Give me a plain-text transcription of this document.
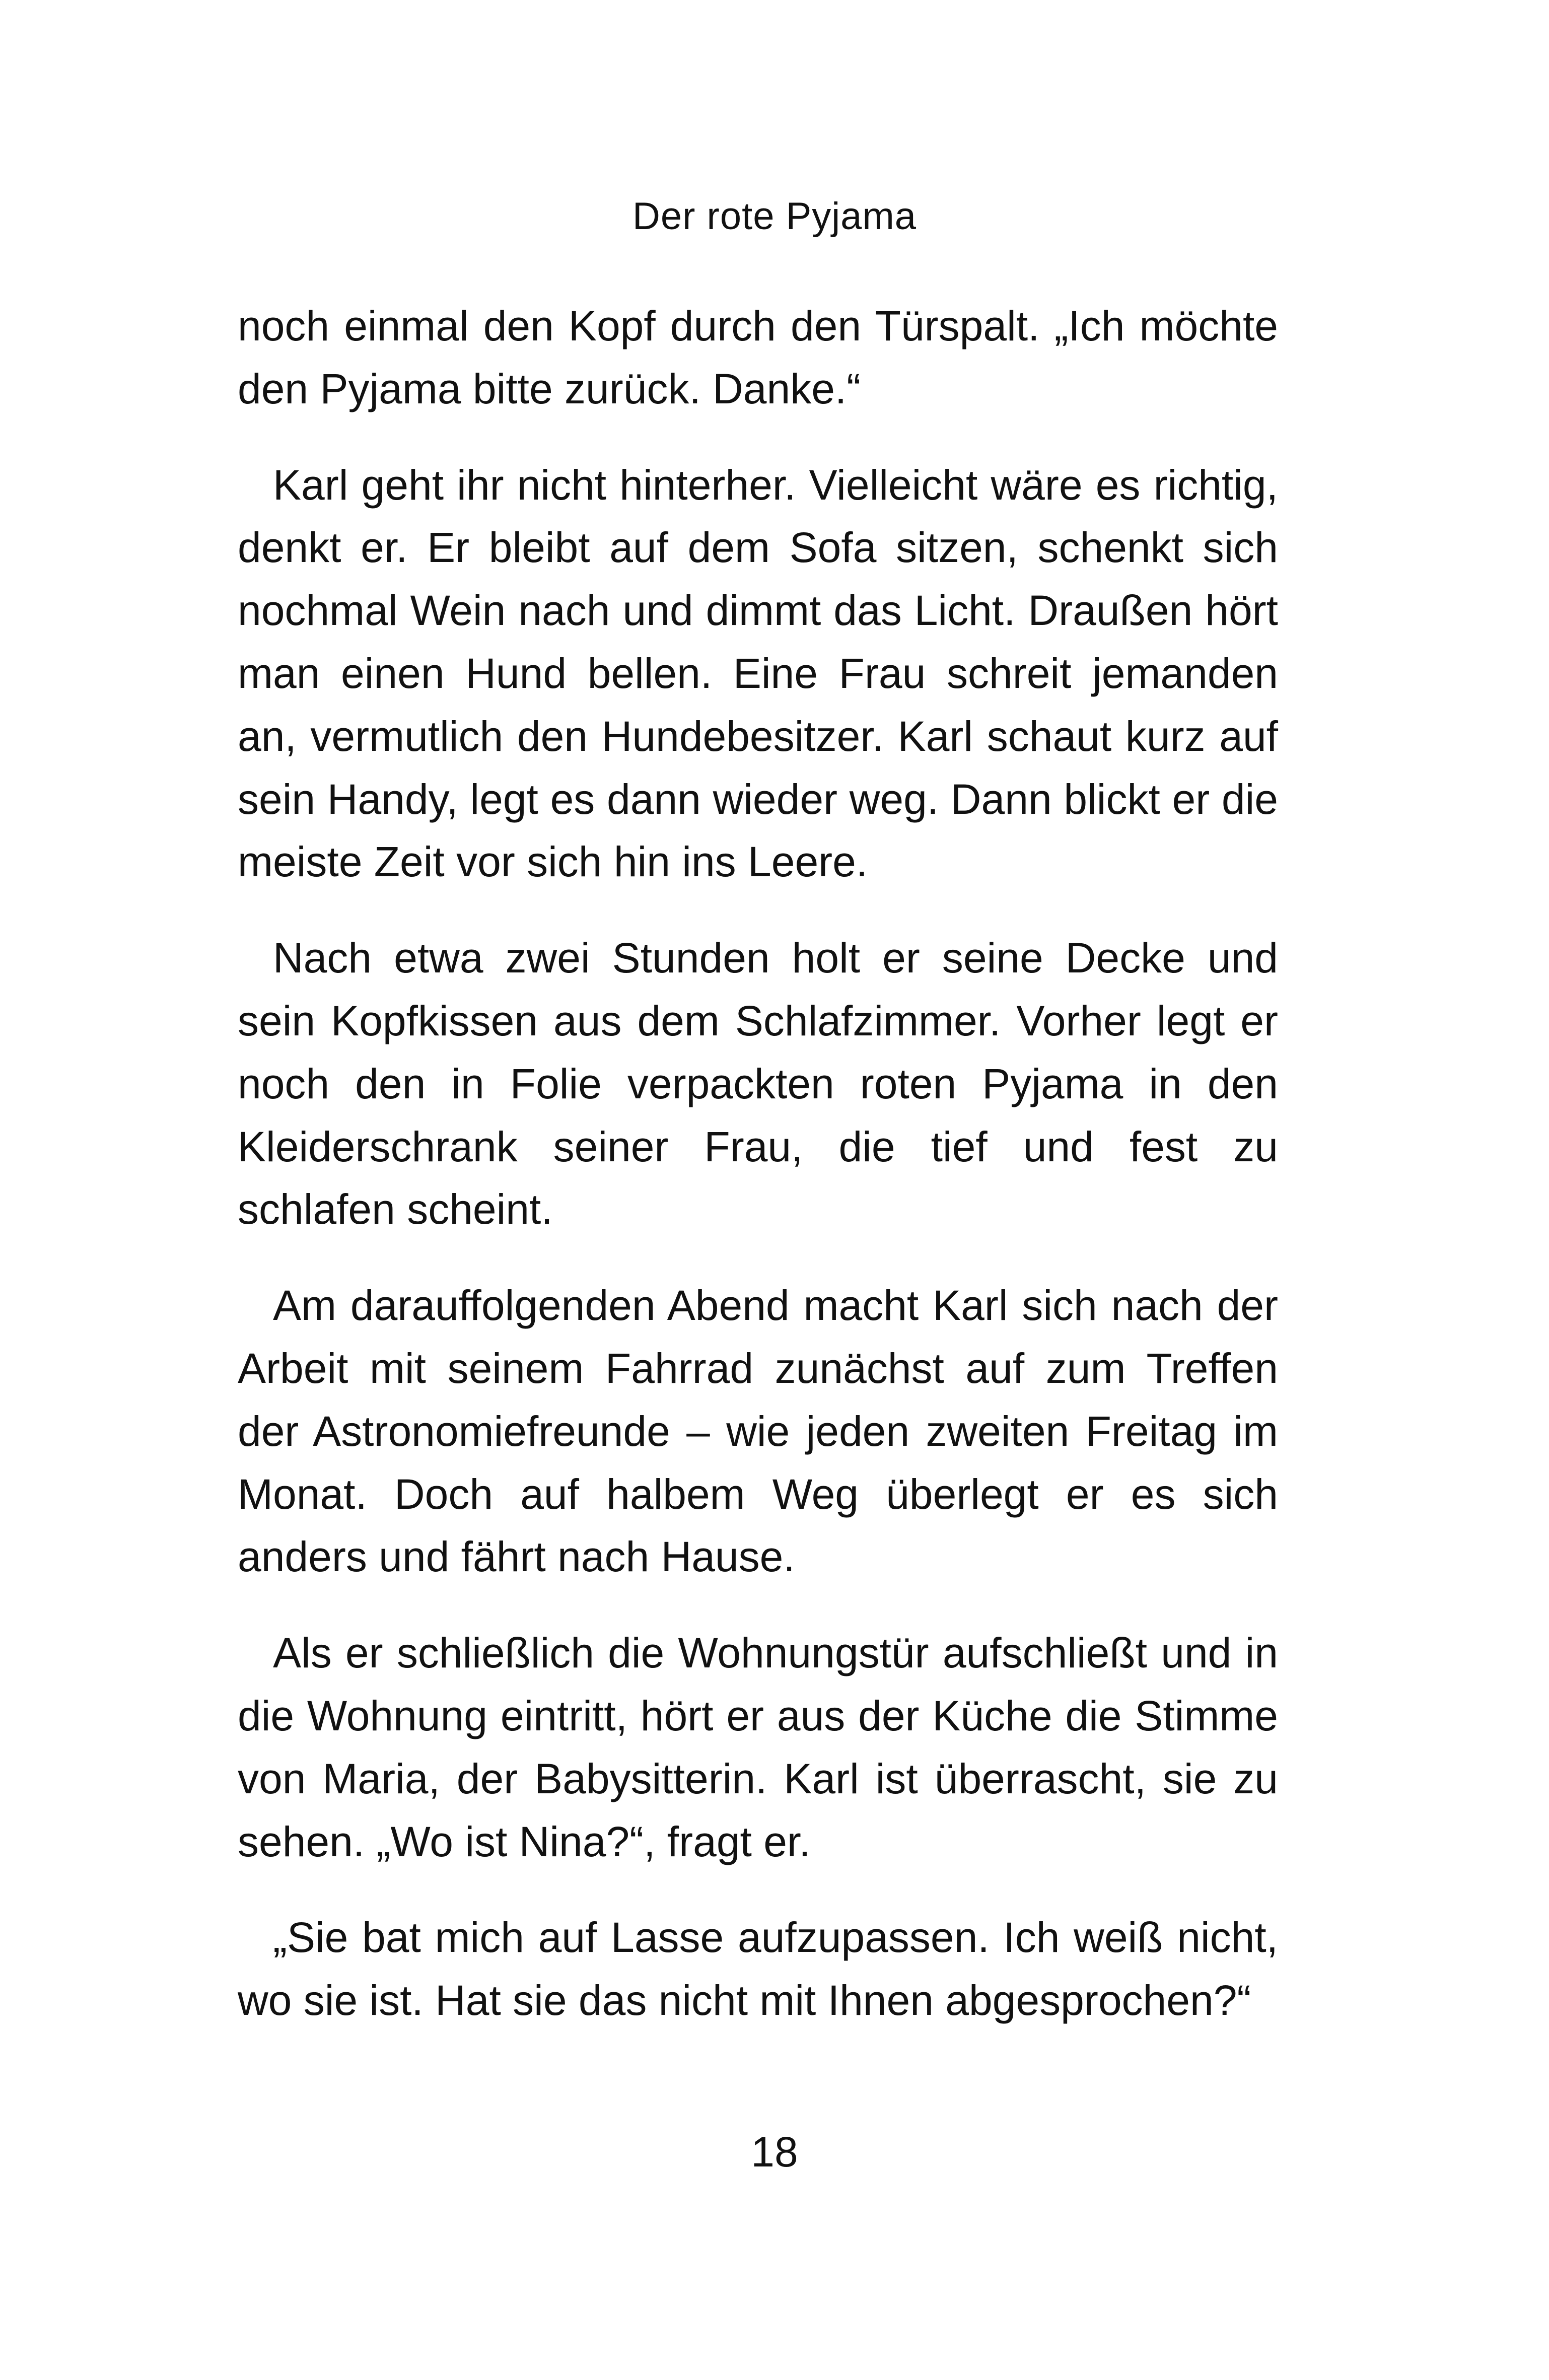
Der rote Pyjama

noch einmal den Kopf durch den Türspalt. „Ich möchte den Pyjama bitte zurück. Danke.“

Karl geht ihr nicht hinterher. Vielleicht wäre es richtig, denkt er. Er bleibt auf dem Sofa sitzen, schenkt sich nochmal Wein nach und dimmt das Licht. Draußen hört man einen Hund bellen. Eine Frau schreit jemanden an, vermutlich den Hundebesitzer. Karl schaut kurz auf sein Handy, legt es dann wieder weg. Dann blickt er die meiste Zeit vor sich hin ins Leere.

Nach etwa zwei Stunden holt er seine Decke und sein Kopfkissen aus dem Schlafzimmer. Vorher legt er noch den in Folie verpackten roten Pyjama in den Kleiderschrank seiner Frau, die tief und fest zu schlafen scheint.

Am darauffolgenden Abend macht Karl sich nach der Arbeit mit seinem Fahrrad zunächst auf zum Treffen der Astronomiefreunde – wie jeden zweiten Freitag im Monat. Doch auf halbem Weg überlegt er es sich anders und fährt nach Hause.

Als er schließlich die Wohnungstür aufschließt und in die Wohnung eintritt, hört er aus der Küche die Stimme von Maria, der Babysitterin. Karl ist überrascht, sie zu sehen. „Wo ist Nina?“, fragt er.

„Sie bat mich auf Lasse aufzupassen. Ich weiß nicht, wo sie ist. Hat sie das nicht mit Ihnen abgesprochen?“

18
